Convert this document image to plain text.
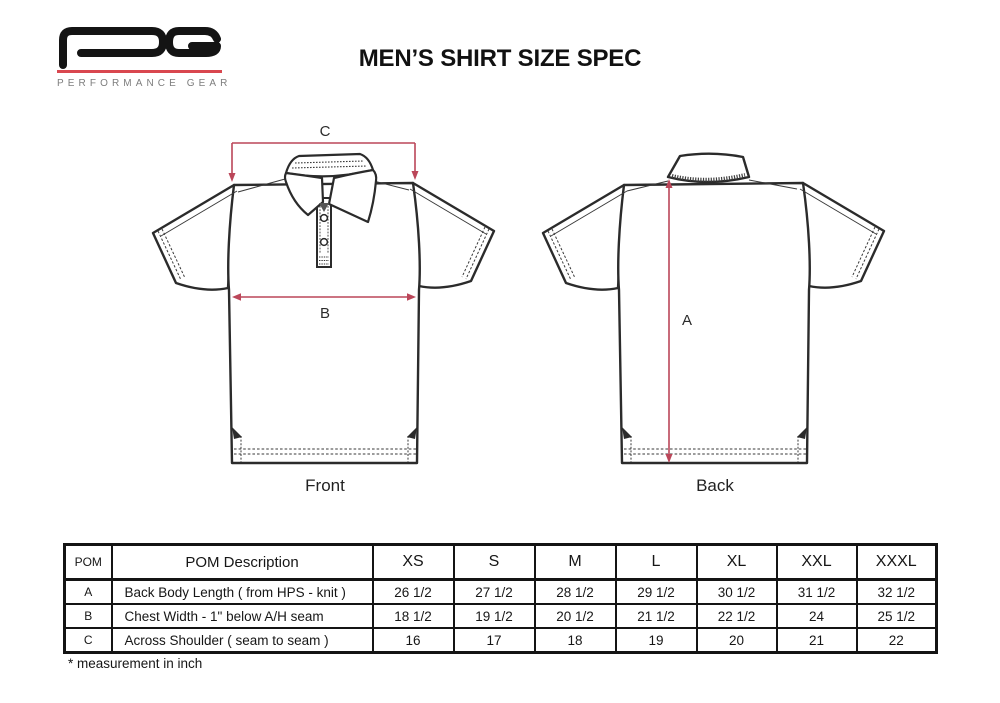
PERFORMANCE GEAR
MEN’S SHIRT SIZE SPEC
C
B
Front
A
Back
POM	POM Description	XS	S	M	L	XL	XXL	XXXL
A	Back Body Length ( from HPS - knit )	26 1/2	27 1/2	28 1/2	29 1/2	30 1/2	31 1/2	32 1/2
B	Chest Width - 1" below A/H seam	18 1/2	19 1/2	20 1/2	21 1/2	22 1/2	24	25 1/2
C	Across Shoulder ( seam to seam )	16	17	18	19	20	21	22
* measurement in inch
